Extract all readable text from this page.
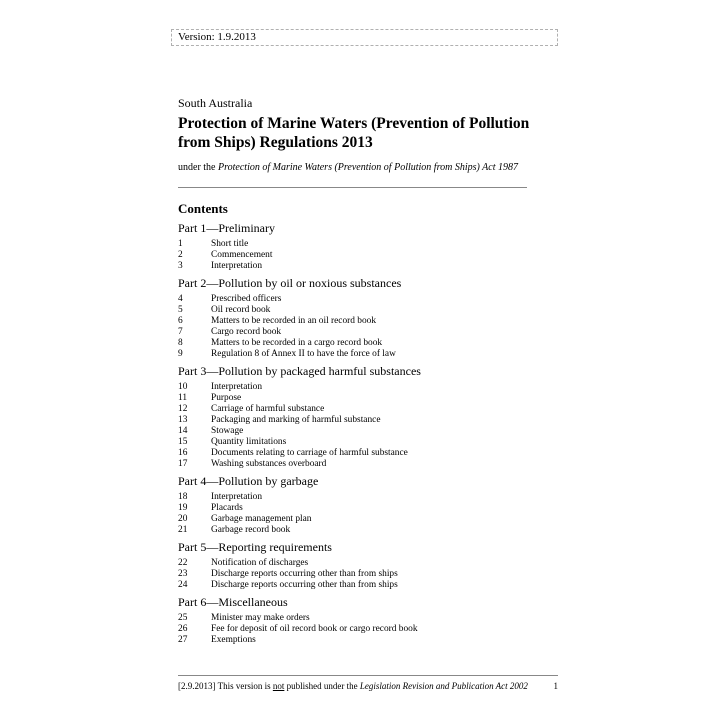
Version: 1.9.2013
South Australia
Protection of Marine Waters (Prevention of Pollution from Ships) Regulations 2013
under the Protection of Marine Waters (Prevention of Pollution from Ships) Act 1987
Contents
Part 1—Preliminary
1	Short title
2	Commencement
3	Interpretation
Part 2—Pollution by oil or noxious substances
4	Prescribed officers
5	Oil record book
6	Matters to be recorded in an oil record book
7	Cargo record book
8	Matters to be recorded in a cargo record book
9	Regulation 8 of Annex II to have the force of law
Part 3—Pollution by packaged harmful substances
10	Interpretation
11	Purpose
12	Carriage of harmful substance
13	Packaging and marking of harmful substance
14	Stowage
15	Quantity limitations
16	Documents relating to carriage of harmful substance
17	Washing substances overboard
Part 4—Pollution by garbage
18	Interpretation
19	Placards
20	Garbage management plan
21	Garbage record book
Part 5—Reporting requirements
22	Notification of discharges
23	Discharge reports occurring other than from ships
24	Discharge reports occurring other than from ships
Part 6—Miscellaneous
25	Minister may make orders
26	Fee for deposit of oil record book or cargo record book
27	Exemptions
[2.9.2013] This version is not published under the Legislation Revision and Publication Act 2002	1
